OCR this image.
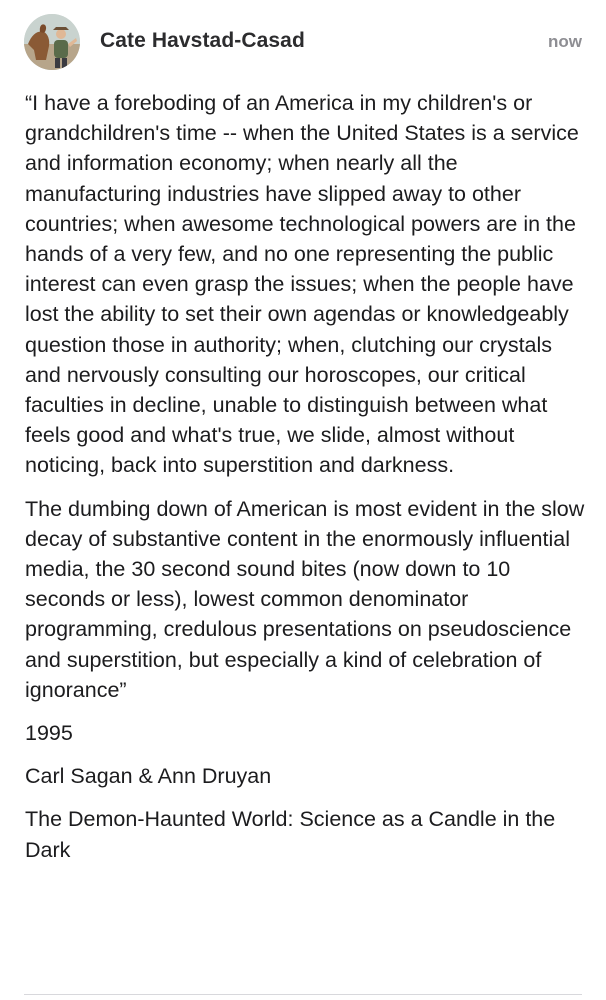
Cate Havstad-Casad	now

“I have a foreboding of an America in my children's or grandchildren's time -- when the United States is a service and information economy; when nearly all the manufacturing industries have slipped away to other countries; when awesome technological powers are in the hands of a very few, and no one representing the public interest can even grasp the issues; when the people have lost the ability to set their own agendas or knowledgeably question those in authority; when, clutching our crystals and nervously consulting our horoscopes, our critical faculties in decline, unable to distinguish between what feels good and what's true, we slide, almost without noticing, back into superstition and darkness.

The dumbing down of American is most evident in the slow decay of substantive content in the enormously influential media, the 30 second sound bites (now down to 10 seconds or less), lowest common denominator programming, credulous presentations on pseudoscience and superstition, but especially a kind of celebration of ignorance”

1995

Carl Sagan & Ann Druyan

The Demon-Haunted World: Science as a Candle in the Dark
